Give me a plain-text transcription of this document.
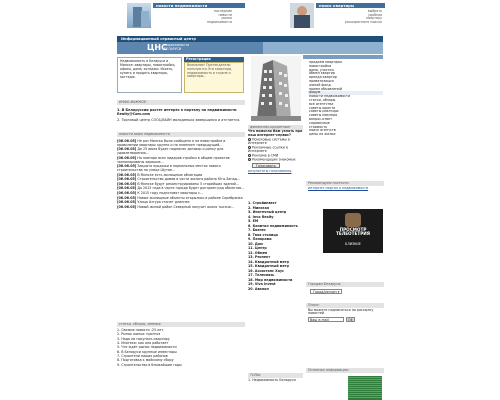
новости недвижимости
последние
новости
рынка
недвижимости
выбрать
удобная
квартиру
расширенного поиска
поиск квартиры
Информационный сервисный центр
ЦНС
недвижимости
БЕЛАРУСИ
Недвижимость в Беларуси и Минске: квартиры, новостройки, офисы, дома, котеджи. Искать, купить и продать квартиры, коттедж.
Регистрация
Внимание! Претендатели пользуются Эти квартиры, недвижимость в стране и квартиры...
ИНФО-ВАЖНОЕ:
1. В Белоруссии растет интерес к порталу по недвижимости Realty@Com.com
2. Торговый центр СООЦЛАЙН молоденько завершился и отстается.
новости мира недвижимости

[06.06.05] Не раз Минска было сообщено о на новостройке в привилении квартиры крупно и на планнинг предыдущий...

[06.06.05] До 25 июля будет подписан договор о ринку для удовлетворения...

[06.06.05] На повторе всех лидеров стройки в общем проектов запланированы хорошие...

[06.06.05] Закрыта продажи в нормальных местах нового строительства на улице Шутое...

[06.06.05] В Минске есть жилищные облигации

[06.06.05] Строительство домов в части жилого района Юго-Запад...

[06.06.05] В Минске будут реконструированы 5 старейших зданий...

[06.06.05] До 2015 года в черте города будет достроен ряд объектов...

[06.06.05] К 2015 году подготовят квартиры с...

[06.06.05] Новые жилищные объекты открылись в районе Серебрянка

[06.06.05] Улица Азгура станет длиннее

[06.06.05] Новый жилой район Северный получит около тысячи...

статьи, обзоры, мнения:
1. Свежие новости -25 лет.
2. Рынок жилья: прогноз
3. Надо ли покупать квартиру
4. Ипотека: как она работает
5. Что ждёт рынок недвижимости
6. В Беларуси крупные инвесторы
7. Строители наших районов
8. Подготовка к майскому сбору
9. Строительство в ближайшие годы
финансово-кредитные:
Что помогло Вам узнать про наш интернет-сервис?
Поисковые системы в Интернете
Рекламные ссылки в Интернете
Реклама в СМИ
Рекомендации знакомых
Голосовать
результаты голосования
1. Стройинвест
2. Минская
3. Ипотечный центр
4. Inva Realty
5. ЕМ
6. Капитал недвижимость
7. Бизнес
8. Твоя столица
9. Панорама
10. Дом
11. Центр
12. Обмен
13. Респект
14. Квадратный метр
15. Квадратный метр
16. Ассистанс Хаус
17. Телесвязь
18. Мир недвижимости
19. Viva Invest
20. Авалон
ТОПЫ:
1. Недвижимость Беларуси
продаем квартиры
новостройки
дома, участки
обмен квартир
аренда квартир
приватизация
жилой фонд
прием объявлений
форум
новости недвижимости
статьи, обзоры
все агентства
советы юриста
советы риэлтора
советы маклера
вопрос-ответ
справочные
стоимость
поиск агентств
цены на жилье
Рекомендуем посетить:
интернет-портал о недвижимости
ПРОСМОТР ТЕЛЕОТЕТРИЯ
БЛИЗКИЕ
Городам Беларуси:
Город/регион ▾
Поиск:
Вы можете подписаться на рассылку новостей
Ваш e-mail	Ok
Полезная информация:
